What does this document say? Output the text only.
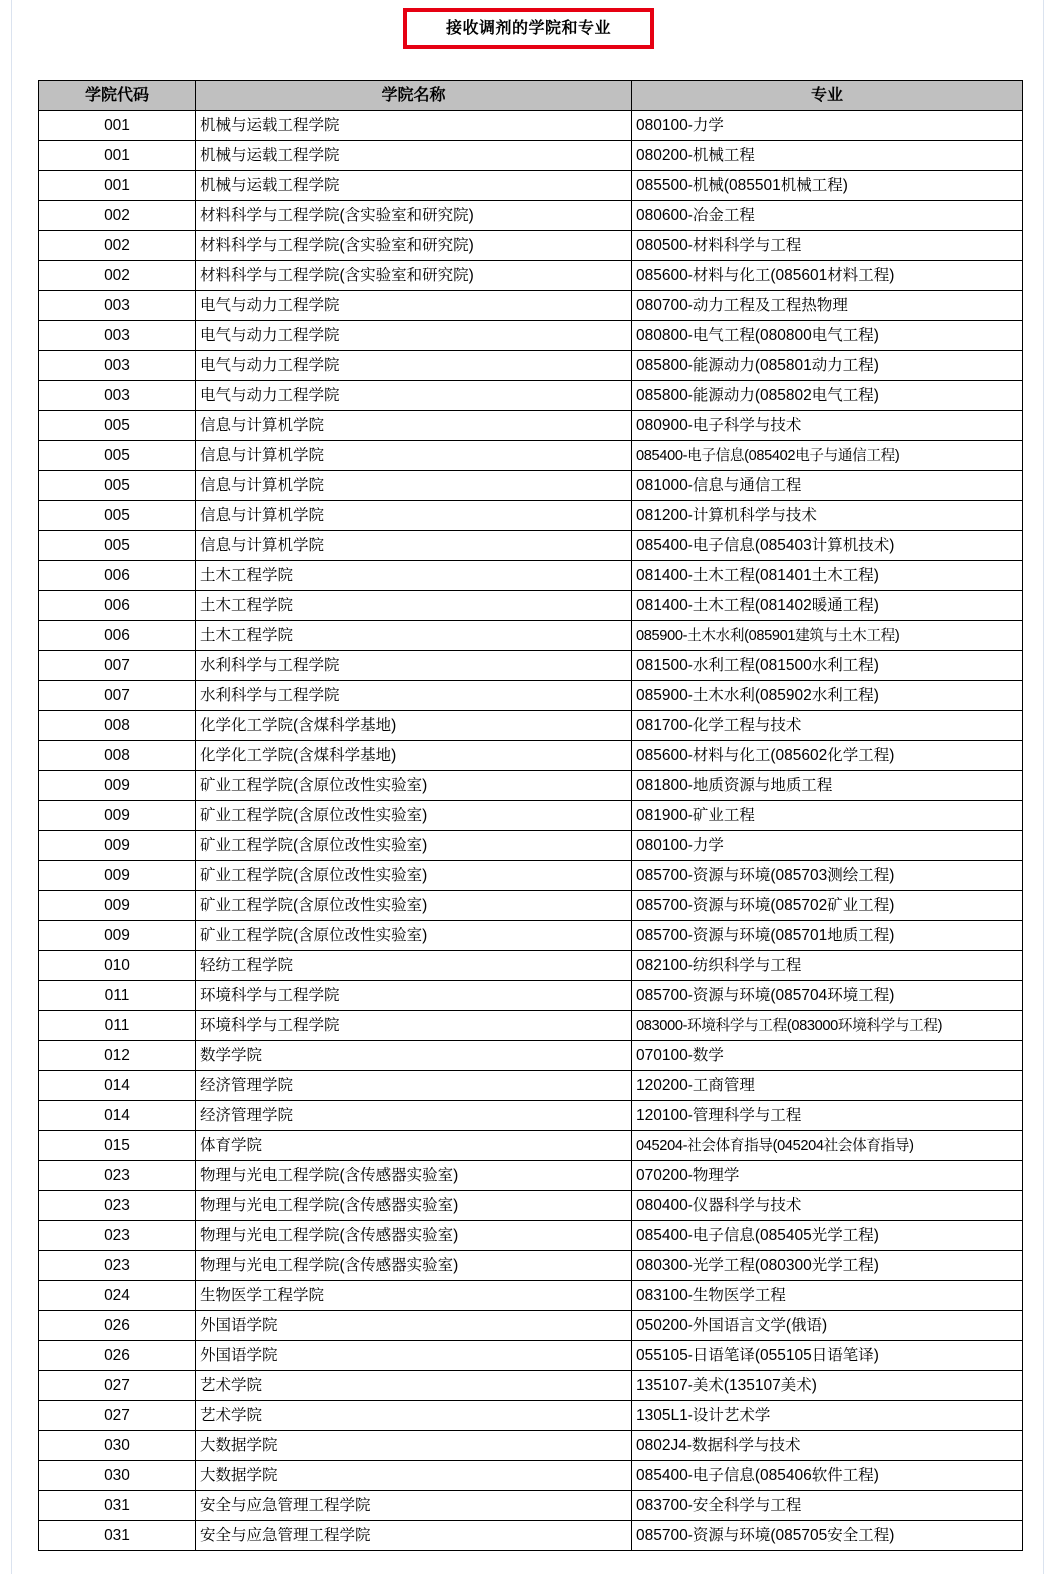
接收调剂的学院和专业
学院代码	学院名称	专业
001	机械与运载工程学院	080100-力学
001	机械与运载工程学院	080200-机械工程
001	机械与运载工程学院	085500-机械(085501机械工程)
002	材料科学与工程学院(含实验室和研究院)	080600-冶金工程
002	材料科学与工程学院(含实验室和研究院)	080500-材料科学与工程
002	材料科学与工程学院(含实验室和研究院)	085600-材料与化工(085601材料工程)
003	电气与动力工程学院	080700-动力工程及工程热物理
003	电气与动力工程学院	080800-电气工程(080800电气工程)
003	电气与动力工程学院	085800-能源动力(085801动力工程)
003	电气与动力工程学院	085800-能源动力(085802电气工程)
005	信息与计算机学院	080900-电子科学与技术
005	信息与计算机学院	085400-电子信息(085402电子与通信工程)
005	信息与计算机学院	081000-信息与通信工程
005	信息与计算机学院	081200-计算机科学与技术
005	信息与计算机学院	085400-电子信息(085403计算机技术)
006	土木工程学院	081400-土木工程(081401土木工程)
006	土木工程学院	081400-土木工程(081402暖通工程)
006	土木工程学院	085900-土木水利(085901建筑与土木工程)
007	水利科学与工程学院	081500-水利工程(081500水利工程)
007	水利科学与工程学院	085900-土木水利(085902水利工程)
008	化学化工学院(含煤科学基地)	081700-化学工程与技术
008	化学化工学院(含煤科学基地)	085600-材料与化工(085602化学工程)
009	矿业工程学院(含原位改性实验室)	081800-地质资源与地质工程
009	矿业工程学院(含原位改性实验室)	081900-矿业工程
009	矿业工程学院(含原位改性实验室)	080100-力学
009	矿业工程学院(含原位改性实验室)	085700-资源与环境(085703测绘工程)
009	矿业工程学院(含原位改性实验室)	085700-资源与环境(085702矿业工程)
009	矿业工程学院(含原位改性实验室)	085700-资源与环境(085701地质工程)
010	轻纺工程学院	082100-纺织科学与工程
011	环境科学与工程学院	085700-资源与环境(085704环境工程)
011	环境科学与工程学院	083000-环境科学与工程(083000环境科学与工程)
012	数学学院	070100-数学
014	经济管理学院	120200-工商管理
014	经济管理学院	120100-管理科学与工程
015	体育学院	045204-社会体育指导(045204社会体育指导)
023	物理与光电工程学院(含传感器实验室)	070200-物理学
023	物理与光电工程学院(含传感器实验室)	080400-仪器科学与技术
023	物理与光电工程学院(含传感器实验室)	085400-电子信息(085405光学工程)
023	物理与光电工程学院(含传感器实验室)	080300-光学工程(080300光学工程)
024	生物医学工程学院	083100-生物医学工程
026	外国语学院	050200-外国语言文学(俄语)
026	外国语学院	055105-日语笔译(055105日语笔译)
027	艺术学院	135107-美术(135107美术)
027	艺术学院	1305L1-设计艺术学
030	大数据学院	0802J4-数据科学与技术
030	大数据学院	085400-电子信息(085406软件工程)
031	安全与应急管理工程学院	083700-安全科学与工程
031	安全与应急管理工程学院	085700-资源与环境(085705安全工程)
